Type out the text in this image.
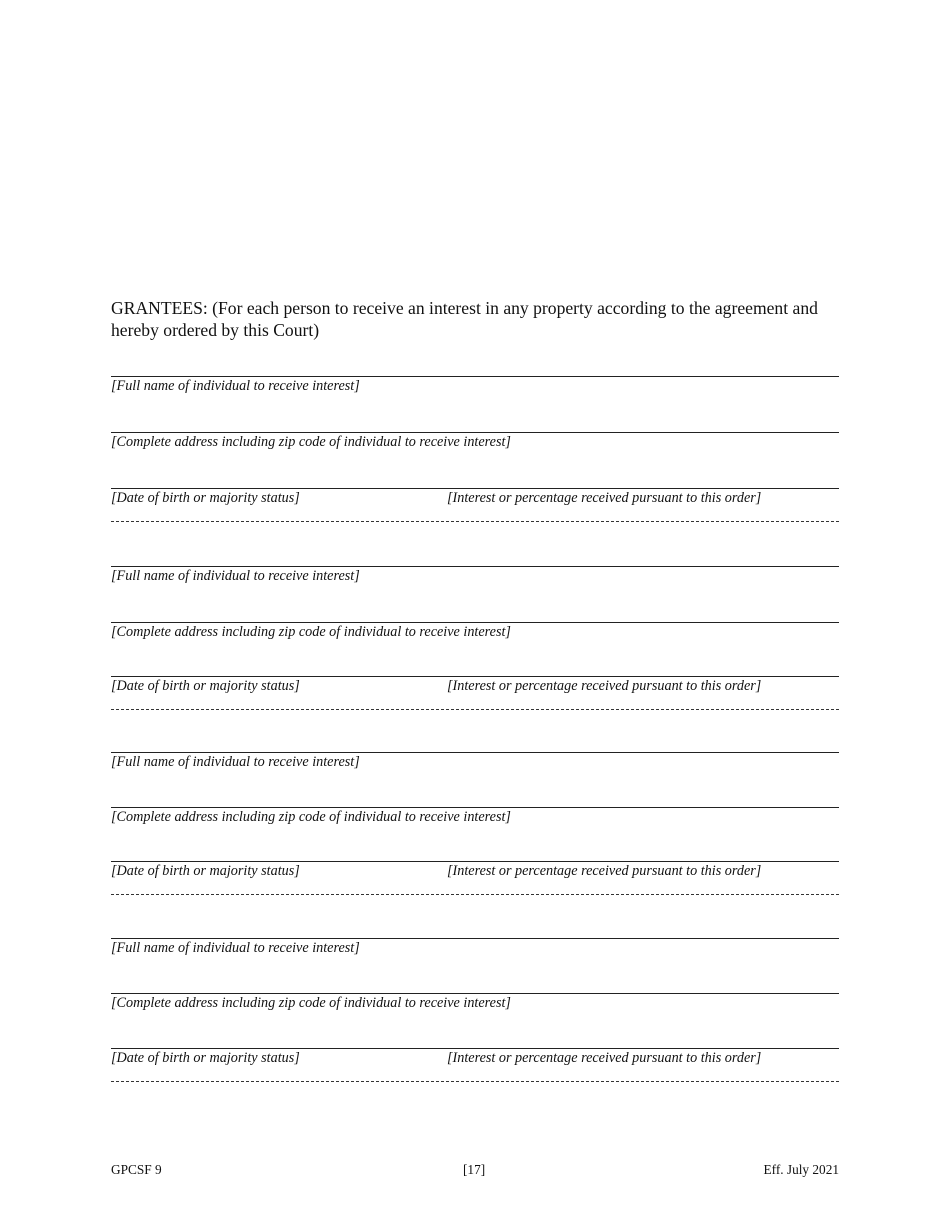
GRANTEES: (For each person to receive an interest in any property according to the agreement and hereby ordered by this Court)

[Full name of individual to receive interest]
[Complete address including zip code of individual to receive interest]
[Date of birth or majority status]	[Interest or percentage received pursuant to this order]
[Full name of individual to receive interest]
[Complete address including zip code of individual to receive interest]
[Date of birth or majority status]	[Interest or percentage received pursuant to this order]
[Full name of individual to receive interest]
[Complete address including zip code of individual to receive interest]
[Date of birth or majority status]	[Interest or percentage received pursuant to this order]
[Full name of individual to receive interest]
[Complete address including zip code of individual to receive interest]
[Date of birth or majority status]	[Interest or percentage received pursuant to this order]
GPCSF 9	[17]	Eff. July 2021
